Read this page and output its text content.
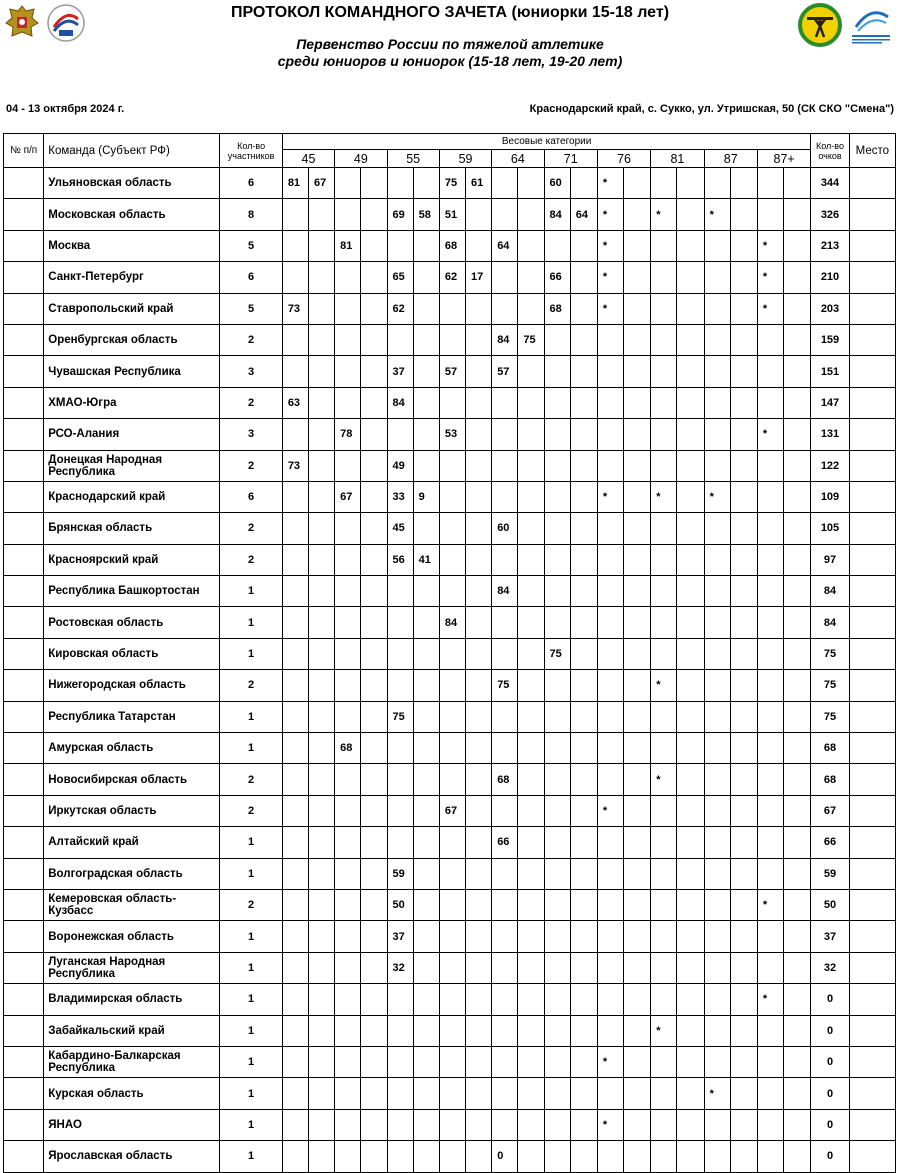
ПРОТОКОЛ КОМАНДНОГО ЗАЧЕТА (юниорки 15-18 лет)
Первенство России по тяжелой атлетике
среди юниоров и юниорок (15-18 лет, 19-20 лет)
04 - 13 октября 2024 г.	Краснодарский край, с. Сукко, ул. Утришская, 50 (СК СКО "Смена")
№ п/п	Команда (Субъект РФ)	Кол-во участников	Весовые категории																				Кол-во очков	Место
			45		49		55		59		64		71		76		81		87		87+			
	Ульяновская область	6	81	67					75	61			60		*								344	
	Московская область	8					69	58	51				84	64	*		*		*				326	
	Москва	5			81				68		64				*						*		213	
	Санкт-Петербург	6					65		62	17			66		*						*		210	
	Ставропольский край	5	73				62						68		*						*		203	
	Оренбургская область	2									84	75											159	
	Чувашская Республика	3					37		57		57												151	
	ХМАО-Югра	2	63				84																147	
	РСО-Алания	3			78				53												*		131	
	Донецкая Народная Республика	2	73				49																122	
	Краснодарский край	6			67		33	9							*		*		*				109	
	Брянская область	2					45				60												105	
	Красноярский край	2					56	41															97	
	Республика Башкортостан	1									84												84	
	Ростовская область	1							84														84	
	Кировская область	1											75										75	
	Нижегородская область	2									75						*						75	
	Республика Татарстан	1					75																75	
	Амурская область	1			68																		68	
	Новосибирская область	2									68						*						68	
	Иркутская область	2							67						*								67	
	Алтайский край	1									66												66	
	Волгоградская область	1					59																59	
	Кемеровская область-Кузбасс	2					50														*		50	
	Воронежская область	1					37																37	
	Луганская Народная Республика	1					32																32	
	Владимирская область	1																			*		0	
	Забайкальский край	1															*						0	
	Кабардино-Балкарская Республика	1													*								0	
	Курская область	1																	*				0	
	ЯНАО	1													*								0	
	Ярославская область	1									0												0	
